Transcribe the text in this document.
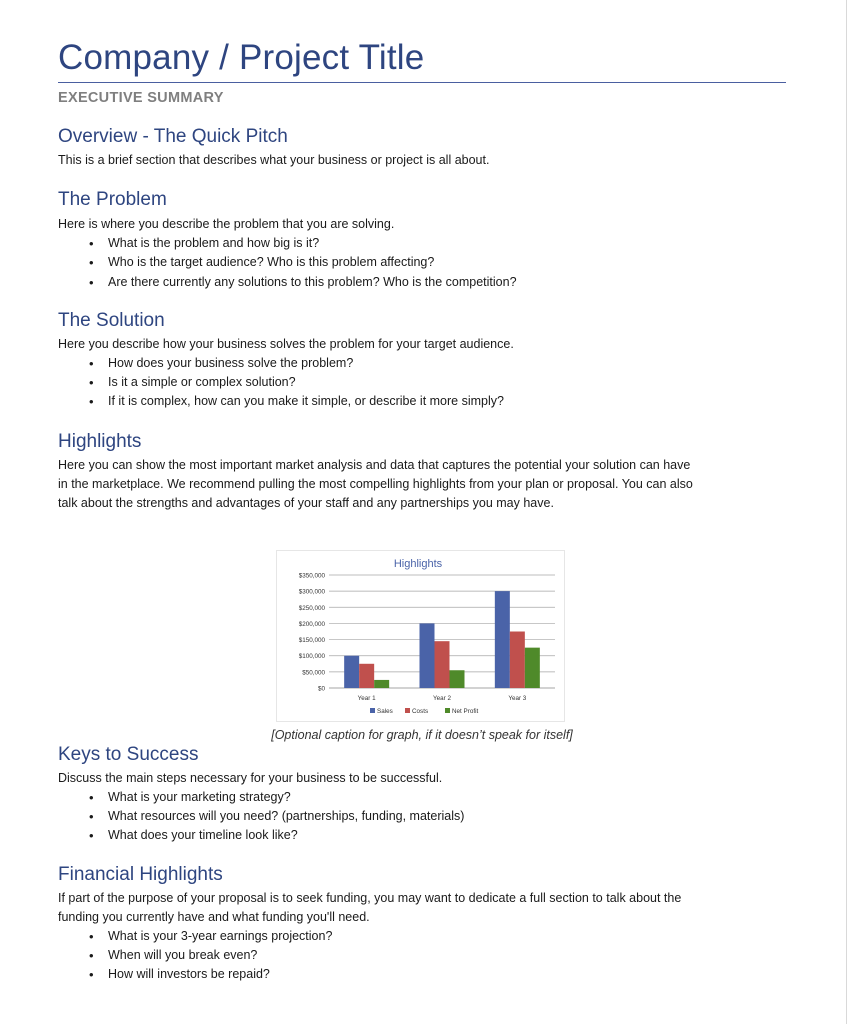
Company / Project Title
EXECUTIVE SUMMARY
Overview - The Quick Pitch

This is a brief section that describes what your business or project is all about.

The Problem

Here is where you describe the problem that you are solving.

• What is the problem and how big is it?
• Who is the target audience? Who is this problem affecting?
• Are there currently any solutions to this problem? Who is the competition?
The Solution

Here you describe how your business solves the problem for your target audience.

• How does your business solve the problem?
• Is it a simple or complex solution?
• If it is complex, how can you make it simple, or describe it more simply?
Highlights

Here you can show the most important market analysis and data that captures the potential your solution can have

in the marketplace. We recommend pulling the most compelling highlights from your plan or proposal. You can also

talk about the strengths and advantages of your staff and any partnerships you may have.

Highlights
$0
$50,000
$100,000
$150,000
$200,000
$250,000
$300,000
$350,000
Year 1	Year 2	Year 3
Sales	Costs	Net Profit
[Optional caption for graph, if it doesn’t speak for itself]
Keys to Success

Discuss the main steps necessary for your business to be successful.

• What is your marketing strategy?
• What resources will you need? (partnerships, funding, materials)
• What does your timeline look like?
Financial Highlights

If part of the purpose of your proposal is to seek funding, you may want to dedicate a full section to talk about the

funding you currently have and what funding you'll need.

• What is your 3-year earnings projection?
• When will you break even?
• How will investors be repaid?
